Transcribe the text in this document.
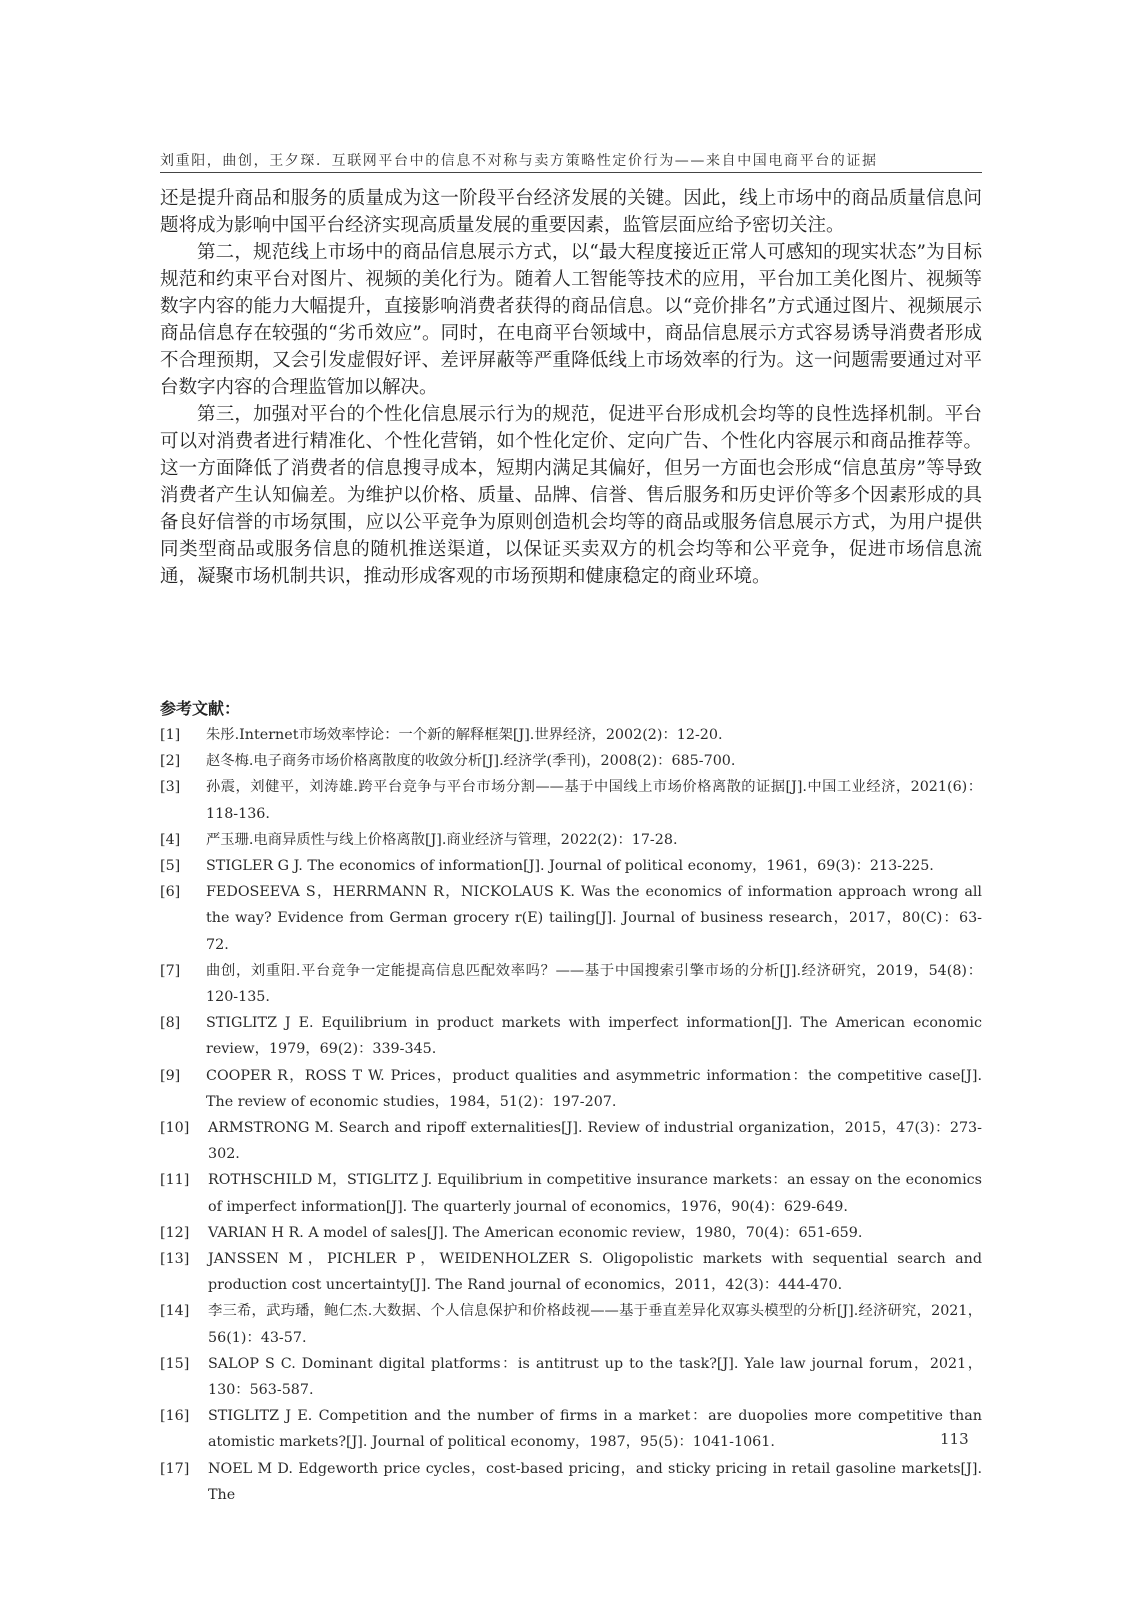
刘重阳，曲创，王夕琛．互联网平台中的信息不对称与卖方策略性定价行为——来自中国电商平台的证据

还是提升商品和服务的质量成为这一阶段平台经济发展的关键。因此，线上市场中的商品质量信息问题将成为影响中国平台经济实现高质量发展的重要因素，监管层面应给予密切关注。

第二，规范线上市场中的商品信息展示方式，以“最大程度接近正常人可感知的现实状态”为目标规范和约束平台对图片、视频的美化行为。随着人工智能等技术的应用，平台加工美化图片、视频等数字内容的能力大幅提升，直接影响消费者获得的商品信息。以“竞价排名”方式通过图片、视频展示商品信息存在较强的“劣币效应”。同时，在电商平台领域中，商品信息展示方式容易诱导消费者形成不合理预期，又会引发虚假好评、差评屏蔽等严重降低线上市场效率的行为。这一问题需要通过对平台数字内容的合理监管加以解决。

第三，加强对平台的个性化信息展示行为的规范，促进平台形成机会均等的良性选择机制。平台可以对消费者进行精准化、个性化营销，如个性化定价、定向广告、个性化内容展示和商品推荐等。这一方面降低了消费者的信息搜寻成本，短期内满足其偏好，但另一方面也会形成“信息茧房”等导致消费者产生认知偏差。为维护以价格、质量、品牌、信誉、售后服务和历史评价等多个因素形成的具备良好信誉的市场氛围，应以公平竞争为原则创造机会均等的商品或服务信息展示方式，为用户提供同类型商品或服务信息的随机推送渠道，以保证买卖双方的机会均等和公平竞争，促进市场信息流通，凝聚市场机制共识，推动形成客观的市场预期和健康稳定的商业环境。

参考文献：
[1] 朱彤.Internet市场效率悖论：一个新的解释框架[J].世界经济，2002(2)：12-20.
[2] 赵冬梅.电子商务市场价格离散度的收敛分析[J].经济学(季刊)，2008(2)：685-700.
[3] 孙震，刘健平，刘涛雄.跨平台竞争与平台市场分割——基于中国线上市场价格离散的证据[J].中国工业经济，2021(6)：118-136.
[4] 严玉珊.电商异质性与线上价格离散[J].商业经济与管理，2022(2)：17-28.
[5] STIGLER G J. The economics of information[J]. Journal of political economy，1961，69(3)：213-225.
[6] FEDOSEEVA S，HERRMANN R，NICKOLAUS K. Was the economics of information approach wrong all the way? Evidence from German grocery r(E) tailing[J]. Journal of business research，2017，80(C)：63-72.
[7] 曲创，刘重阳.平台竞争一定能提高信息匹配效率吗？——基于中国搜索引擎市场的分析[J].经济研究，2019，54(8)：120-135.
[8] STIGLITZ J E. Equilibrium in product markets with imperfect information[J]. The American economic review，1979，69(2)：339-345.
[9] COOPER R，ROSS T W. Prices，product qualities and asymmetric information：the competitive case[J]. The review of economic studies，1984，51(2)：197-207.
[10] ARMSTRONG M. Search and ripoff externalities[J]. Review of industrial organization，2015，47(3)：273-302.
[11] ROTHSCHILD M，STIGLITZ J. Equilibrium in competitive insurance markets：an essay on the economics of imperfect information[J]. The quarterly journal of economics，1976，90(4)：629-649.
[12] VARIAN H R. A model of sales[J]. The American economic review，1980，70(4)：651-659.
[13] JANSSEN M，PICHLER P，WEIDENHOLZER S. Oligopolistic markets with sequential search and production cost uncertainty[J]. The Rand journal of economics，2011，42(3)：444-470.
[14] 李三希，武玙璠，鲍仁杰.大数据、个人信息保护和价格歧视——基于垂直差异化双寡头模型的分析[J].经济研究，2021，56(1)：43-57.
[15] SALOP S C. Dominant digital platforms：is antitrust up to the task?[J]. Yale law journal forum，2021，130：563-587.
[16] STIGLITZ J E. Competition and the number of firms in a market：are duopolies more competitive than atomistic markets?[J]. Journal of political economy，1987，95(5)：1041-1061.
[17] NOEL M D. Edgeworth price cycles，cost-based pricing，and sticky pricing in retail gasoline markets[J]. The
113
